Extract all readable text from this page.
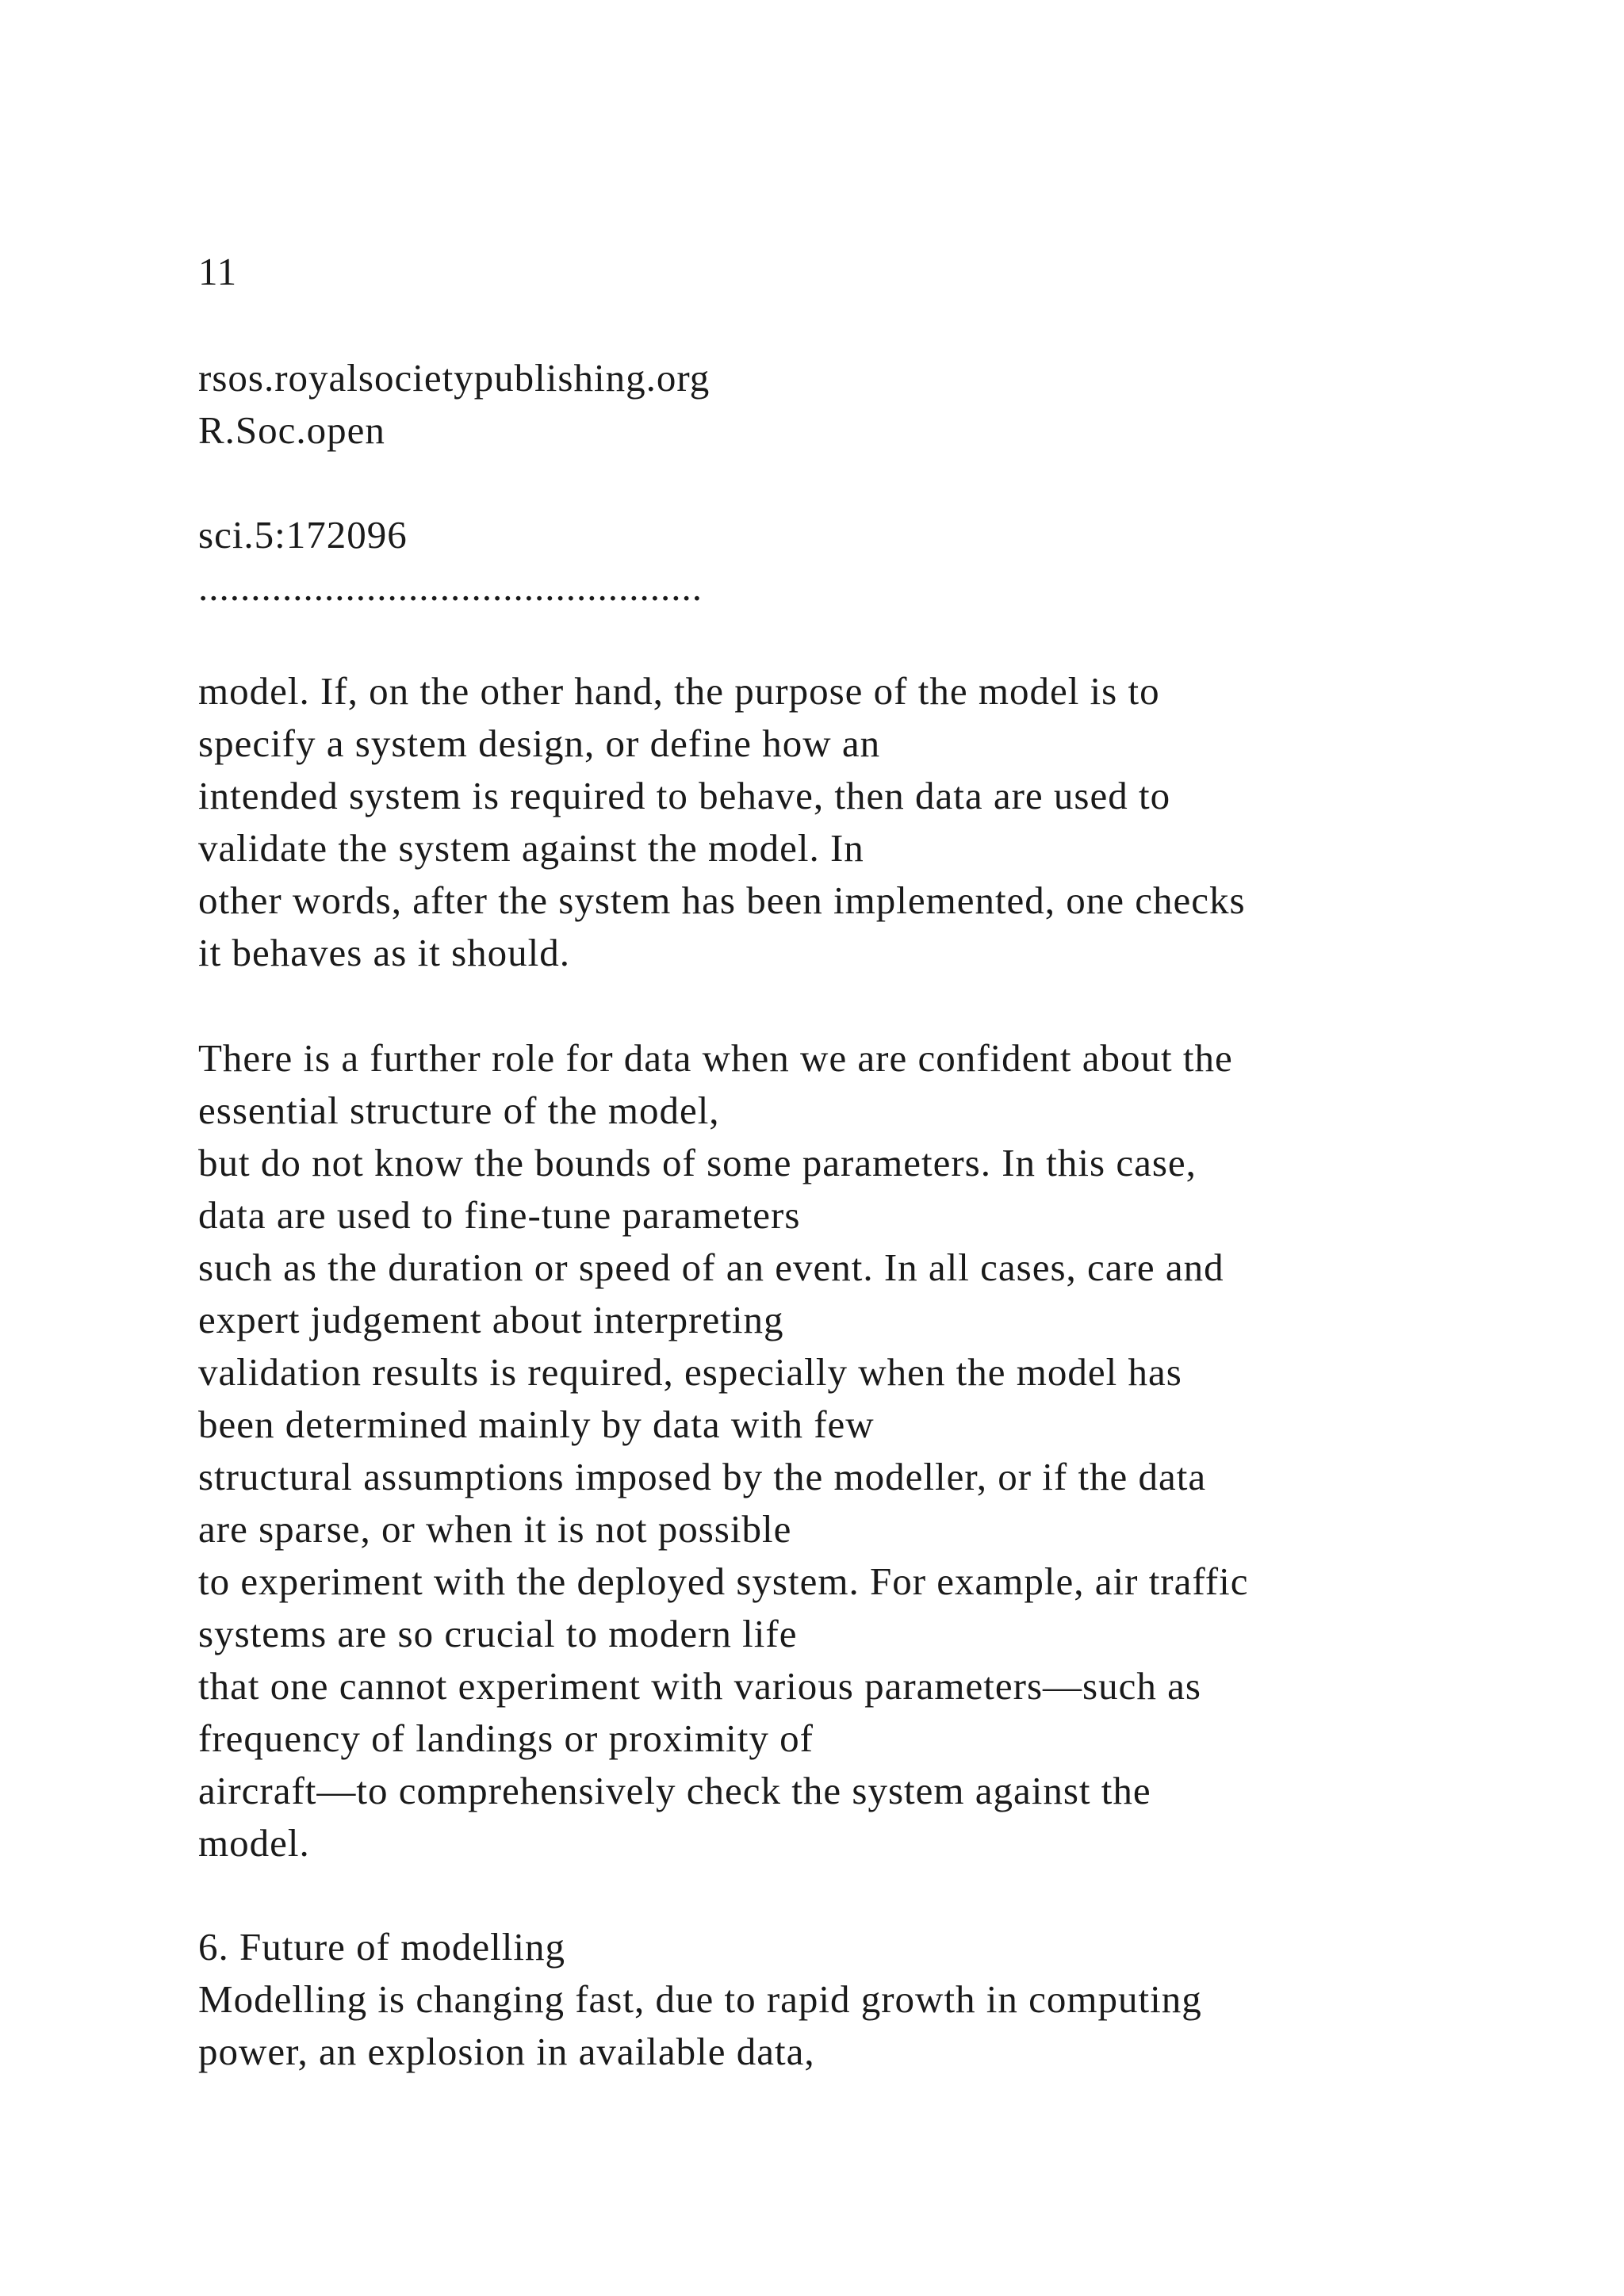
11
rsos.royalsocietypublishing.org
R.Soc.open
sci.5:172096
................................................
model. If, on the other hand, the purpose of the model is to
specify a system design, or define how an
intended system is required to behave, then data are used to
validate the system against the model. In
other words, after the system has been implemented, one checks
it behaves as it should.
There is a further role for data when we are confident about the
essential structure of the model,
but do not know the bounds of some parameters. In this case,
data are used to fine-tune parameters
such as the duration or speed of an event. In all cases, care and
expert judgement about interpreting
validation results is required, especially when the model has
been determined mainly by data with few
structural assumptions imposed by the modeller, or if the data
are sparse, or when it is not possible
to experiment with the deployed system. For example, air traffic
systems are so crucial to modern life
that one cannot experiment with various parameters—such as
frequency of landings or proximity of
aircraft—to comprehensively check the system against the
model.
6. Future of modelling
Modelling is changing fast, due to rapid growth in computing
power, an explosion in available data,
